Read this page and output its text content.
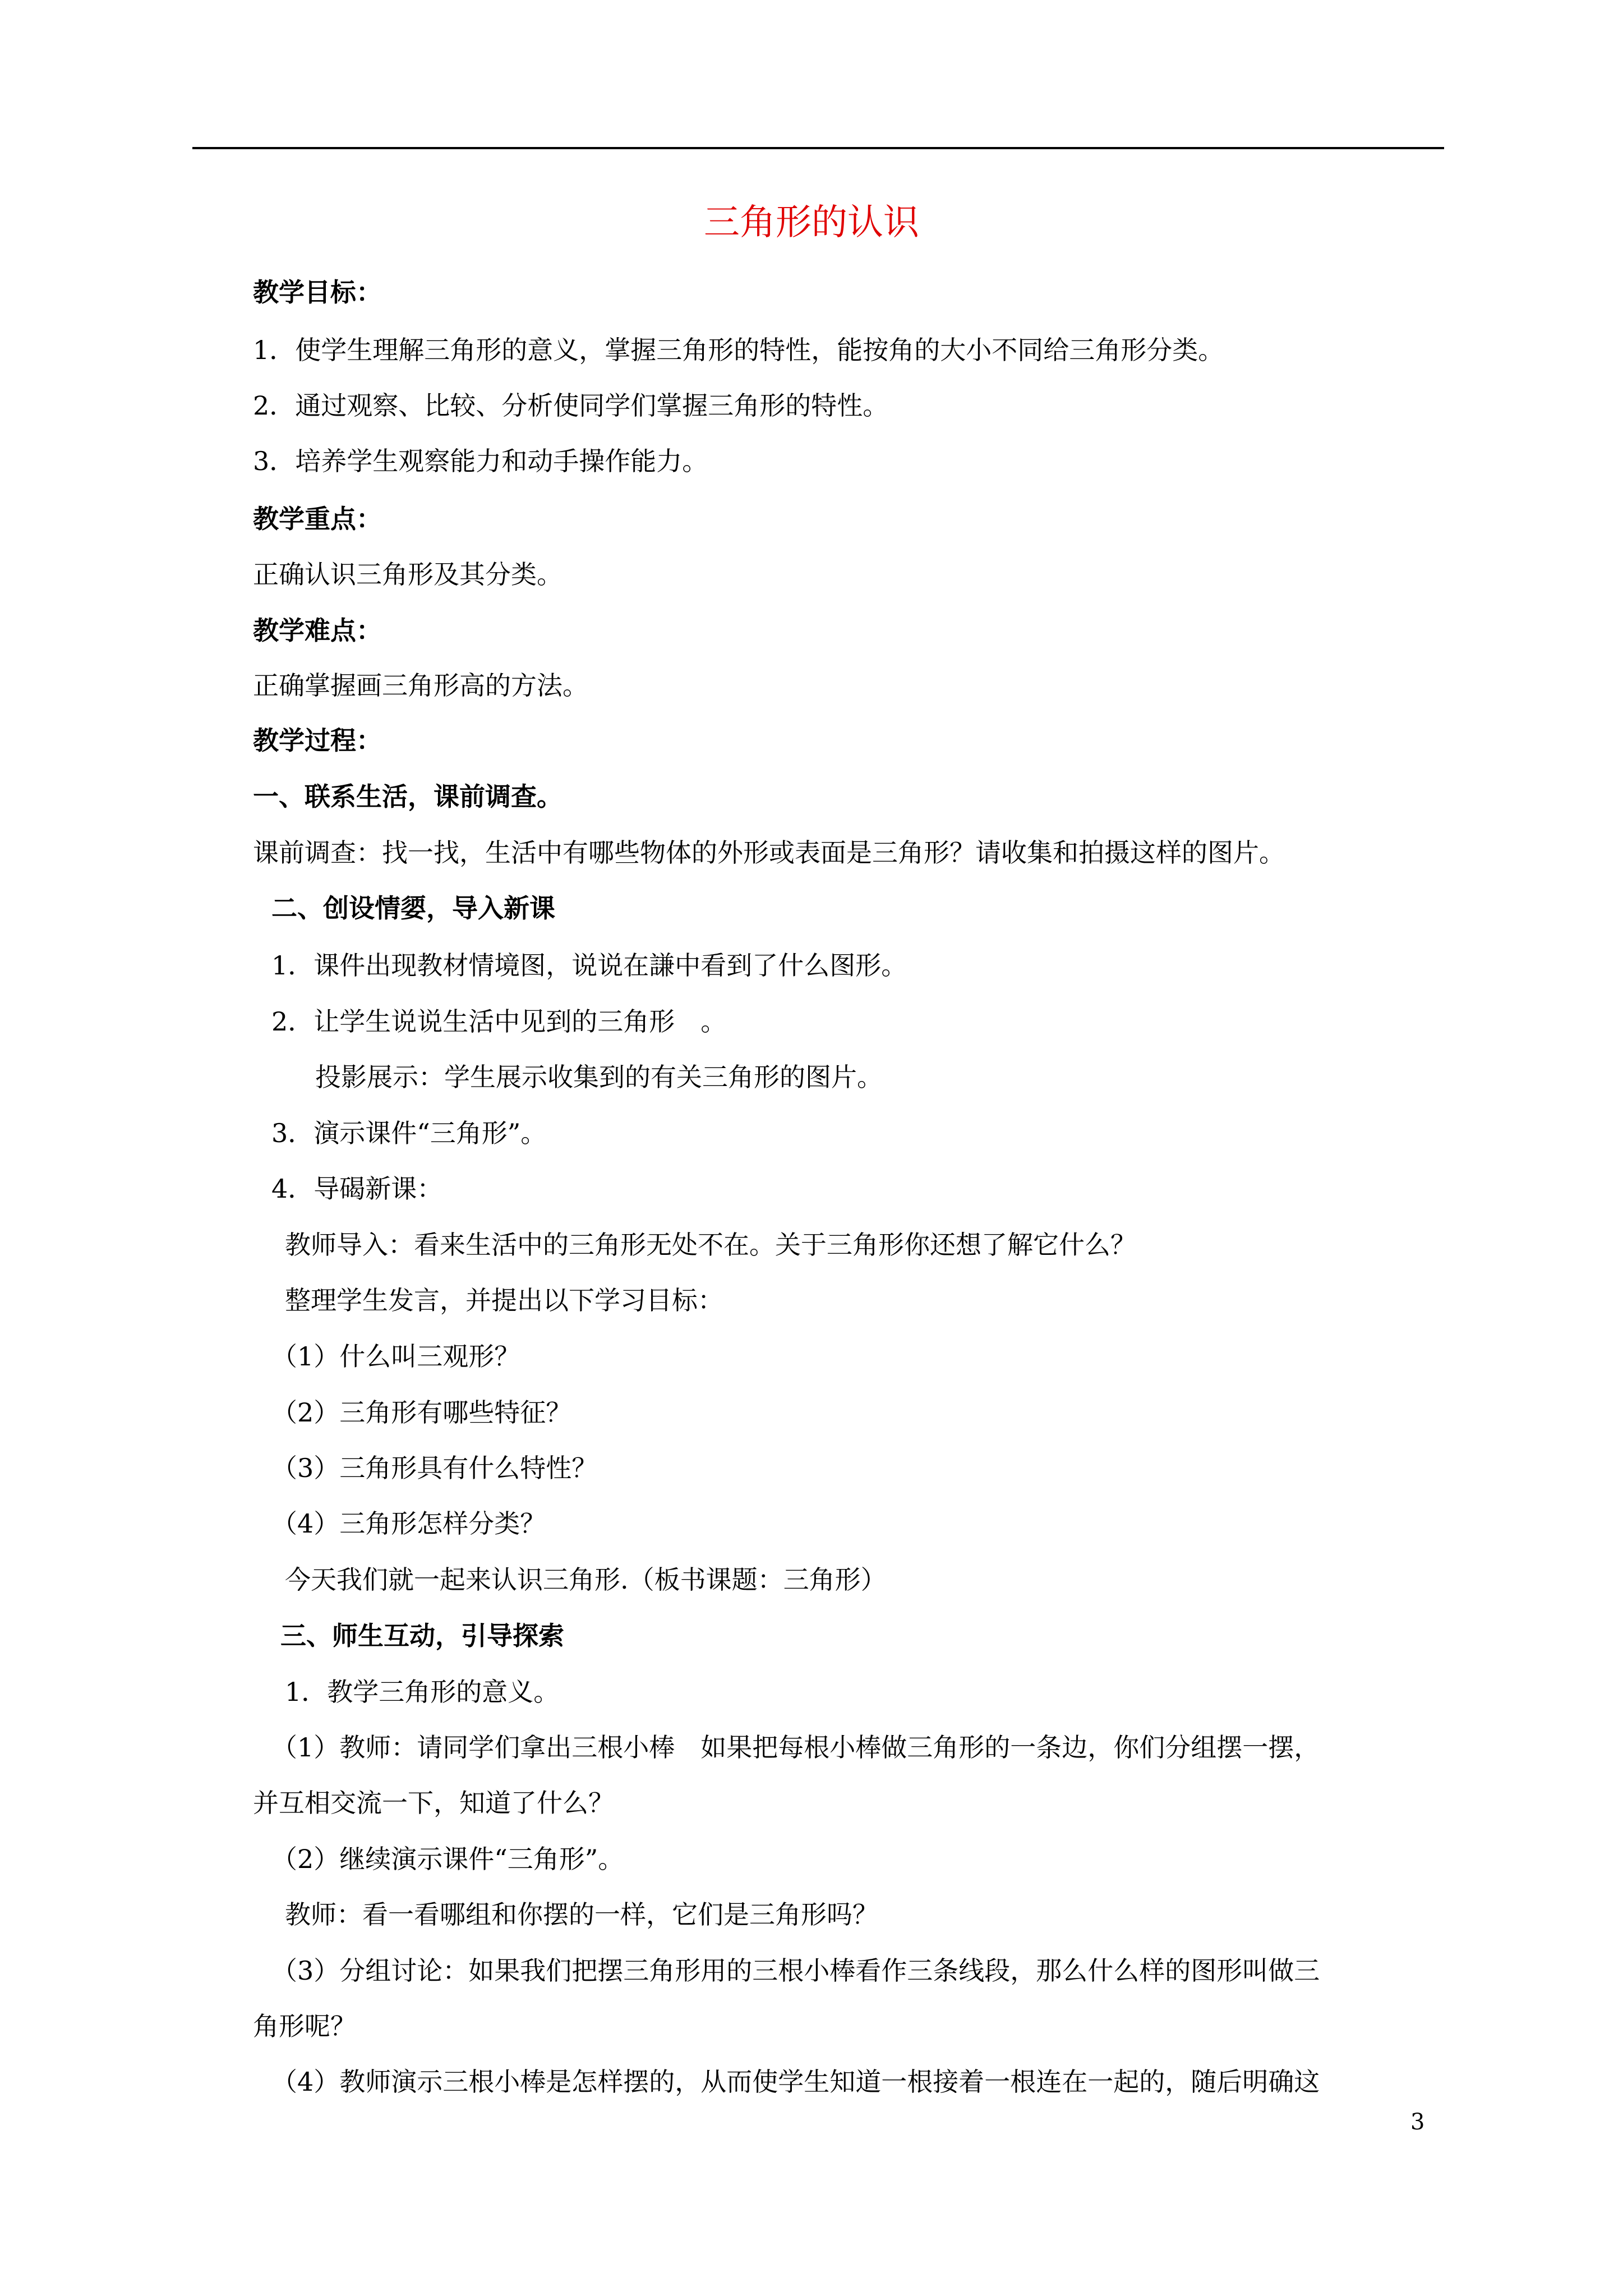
三角形的认识
教学目标：
1．使学生理解三角形的意义，掌握三角形的特性，能按角的大小不同给三角形分类。
2．通过观察、比较、分析使同学们掌握三角形的特性。
3．培养学生观察能力和动手操作能力。
教学重点：
正确认识三角形及其分类。
教学难点：
正确掌握画三角形高的方法。
教学过程：
一、联系生活，课前调查。
课前调查：找一找，生活中有哪些物体的外形或表面是三角形？请收集和拍摄这样的图片。
二、创设情媭，导入新课
1．课件出现教材情境图，说说在謙中看到了什么图形。
2．让学生说说生活中见到的三角形　。
投影展示：学生展示收集到的有关三角形的图片。
3．演示课件“三角形”。
4．导碣新课：
教师导入：看来生活中的三角形无处不在。关于三角形你还想了解它什么？
整理学生发言，并提出以下学习目标：
（1）什么叫三观形？
（2）三角形有哪些特征？
（3）三角形具有什么特性？
（4）三角形怎样分类？
今天我们就一起来认识三角形.（板书课题：三角形）
三、师生互动，引导探索
1．教学三角形的意义。
（1）教师：请同学们拿出三根小棒　如果把每根小棒做三角形的一条边，你们分组摆一摆，
并互相交流一下，知道了什么？
（2）继续演示课件“三角形”。
教师：看一看哪组和你摆的一样，它们是三角形吗？
（3）分组讨论：如果我们把摆三角形用的三根小棒看作三条线段，那么什么样的图形叫做三
角形呢？
（4）教师演示三根小棒是怎样摆的，从而使学生知道一根接着一根连在一起的，随后明确这
3
